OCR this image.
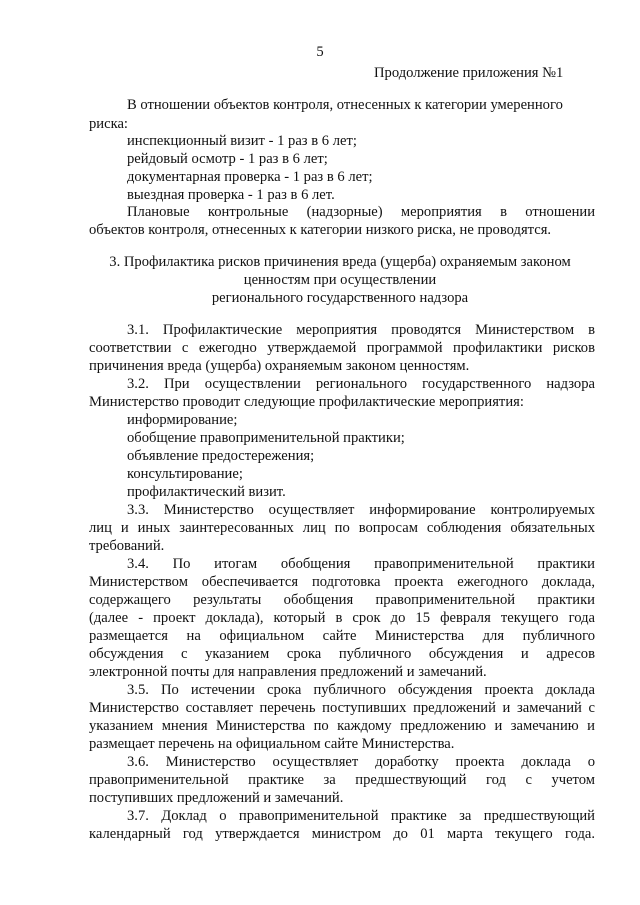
5
Продолжение приложения №1
В отношении объектов контроля, отнесенных к категории умеренного
риска:
инспекционный визит - 1 раз в 6 лет;
рейдовый осмотр - 1 раз в 6 лет;
документарная проверка - 1 раз в 6 лет;
выездная проверка - 1 раз в 6 лет.
Плановые контрольные (надзорные) мероприятия в отношении
объектов контроля, отнесенных к категории низкого риска, не проводятся.
3. Профилактика рисков причинения вреда (ущерба) охраняемым законом
ценностям при осуществлении
регионального государственного надзора
3.1. Профилактические мероприятия проводятся Министерством в
соответствии с ежегодно утверждаемой программой профилактики рисков
причинения вреда (ущерба) охраняемым законом ценностям.
3.2. При осуществлении регионального государственного надзора
Министерство проводит следующие профилактические мероприятия:
информирование;
обобщение правоприменительной практики;
объявление предостережения;
консультирование;
профилактический визит.
3.3. Министерство осуществляет информирование контролируемых
лиц и иных заинтересованных лиц по вопросам соблюдения обязательных
требований.
3.4. По итогам обобщения правоприменительной практики
Министерством обеспечивается подготовка проекта ежегодного доклада,
содержащего результаты обобщения правоприменительной практики
(далее - проект доклада), который в срок до 15 февраля текущего года
размещается на официальном сайте Министерства для публичного
обсуждения с указанием срока публичного обсуждения и адресов
электронной почты для направления предложений и замечаний.
3.5. По истечении срока публичного обсуждения проекта доклада
Министерство составляет перечень поступивших предложений и замечаний с
указанием мнения Министерства по каждому предложению и замечанию и
размещает перечень на официальном сайте Министерства.
3.6. Министерство осуществляет доработку проекта доклада о
правоприменительной практике за предшествующий год с учетом
поступивших предложений и замечаний.
3.7. Доклад о правоприменительной практике за предшествующий
календарный год утверждается министром до 01 марта текущего года.
